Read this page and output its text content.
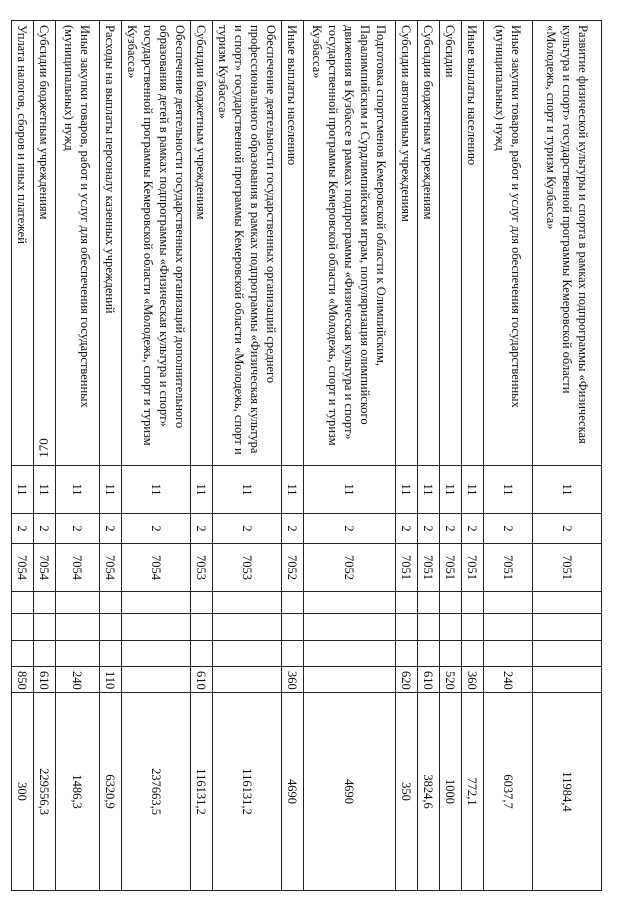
170
Развитие физической культуры и спорта в рамках подпрограммы «Физическая культура и спорт» государственной программы Кемеровской области «Молодежь, спорт и туризм Кузбасса»	11	2	7051					11984,4
Иные закупки товаров, работ и услуг для обеспечения государственных (муниципальных) нужд	11	2	7051				240	6037,7
Иные выплаты населению	11	2	7051				360	772,1
Субсидии	11	2	7051				520	1000
Субсидии бюджетным учреждениям	11	2	7051				610	3824,6
Субсидии автономным учреждениям	11	2	7051				620	350
Подготовка спортсменов Кемеровской области к Олимпийским, Паралимпийским и Сурдлимпийским играм, популяризация олимпийского движения в Кузбассе в рамках подпрограммы «Физическая культура и спорт» государственной программы Кемеровской области «Молодежь, спорт и туризм Кузбасса»	11	2	7052					4690
Иные выплаты населению	11	2	7052				360	4690
Обеспечение деятельности государственных организаций среднего профессионального образования в рамках подпрограммы «Физическая культура и спорт» государственной программы Кемеровской области «Молодежь, спорт и туризм Кузбасса»	11	2	7053					116131,2
Субсидии бюджетным учреждениям	11	2	7053				610	116131,2
Обеспечение деятельности государственных организаций дополнительного образования детей в рамках подпрограммы «Физическая культура и спорт» государственной программы Кемеровской области «Молодежь, спорт и туризм Кузбасса»	11	2	7054					237663,5
Расходы на выплаты персоналу казенных учреждений	11	2	7054				110	6320,9
Иные закупки товаров, работ и услуг для обеспечения государственных (муниципальных) нужд	11	2	7054				240	1486,3
Субсидии бюджетным учреждениям	11	2	7054				610	229556,3
Уплата налогов, сборов и иных платежей	11	2	7054				850	300
